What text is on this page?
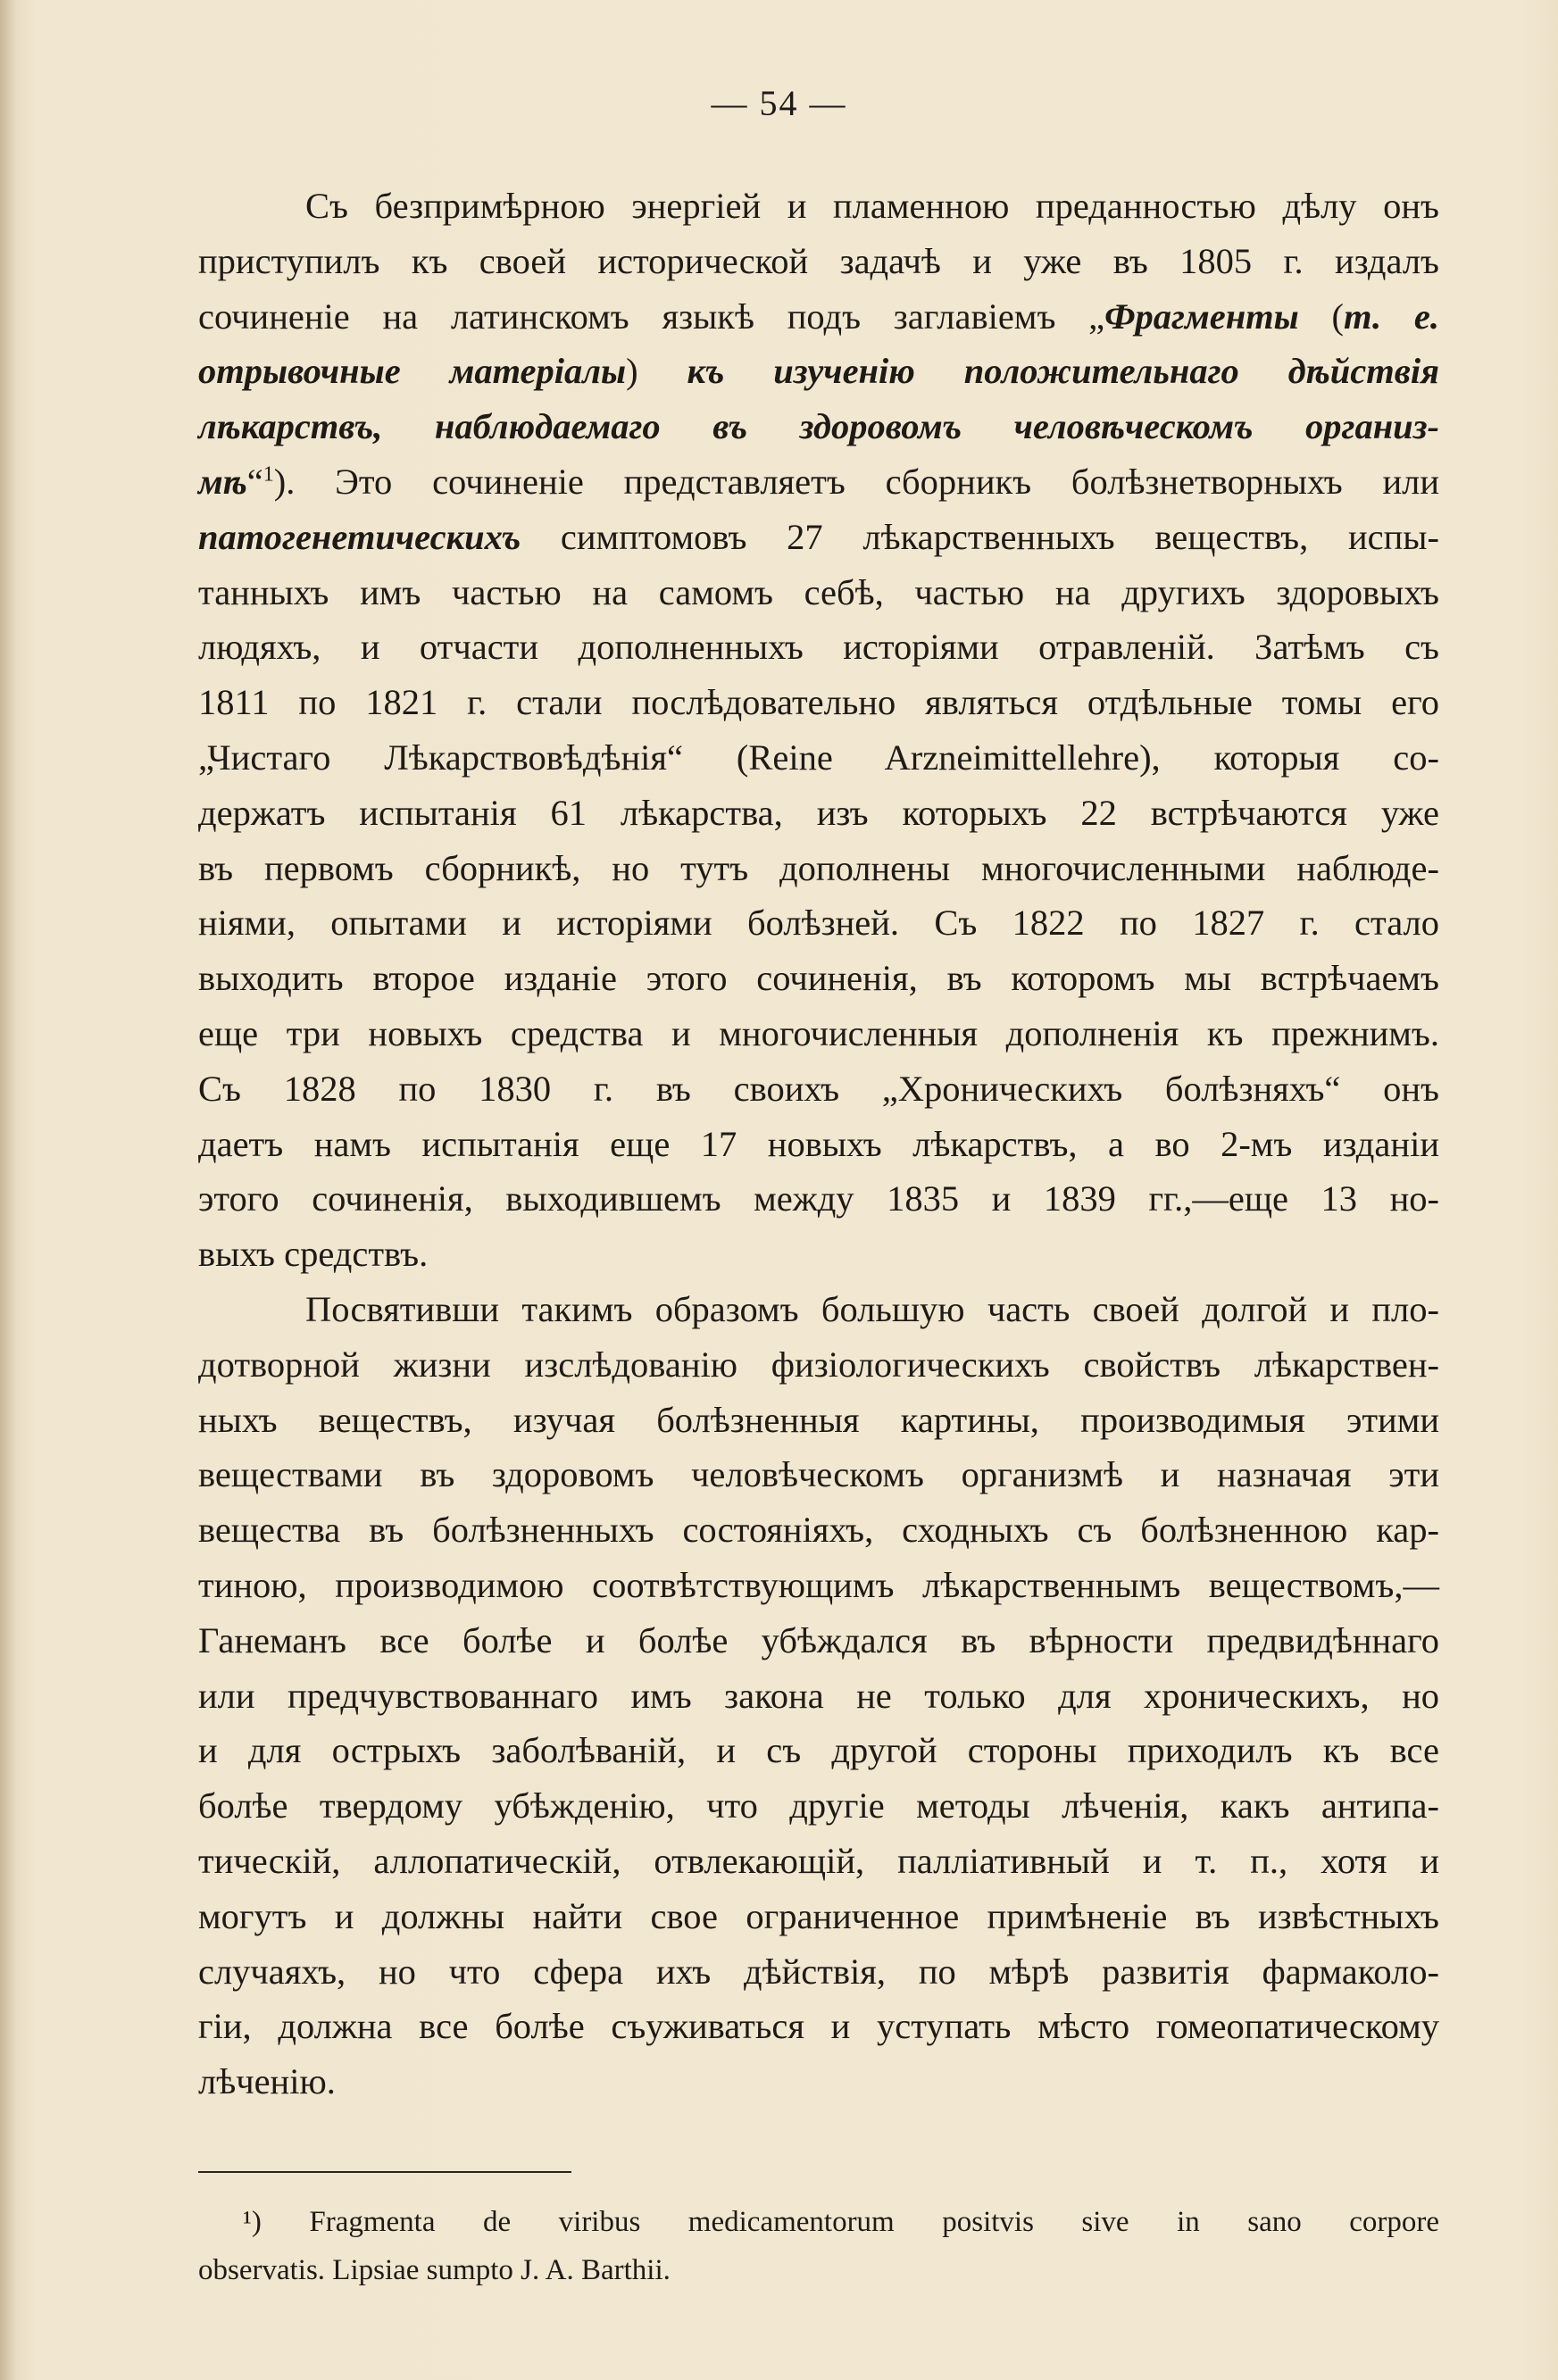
— 54 —
Съ безпримѣрною энергіей и пламенною преданностью дѣлу онъ
приступилъ къ своей исторической задачѣ и уже въ 1805 г. издалъ
сочиненіе на латинскомъ языкѣ подъ заглавіемъ „Фрагменты (т. е.
отрывочные матеріалы) къ изученію положительнаго дѣйствія
лѣкарствъ, наблюдаемаго въ здоровомъ человѣческомъ организ-
мѣ“$^1$). Это сочиненіе представляетъ сборникъ болѣзнетворныхъ или
патогенетическихъ симптомовъ 27 лѣкарственныхъ веществъ, испы-
танныхъ имъ частью на самомъ себѣ, частью на другихъ здоровыхъ
людяхъ, и отчасти дополненныхъ исторіями отравленій. Затѣмъ съ
1811 по 1821 г. стали послѣдовательно являться отдѣльные томы его
„Чистаго Лѣкарствовѣдѣнія“ (Reine Arzneimittellehre), которыя со-
держатъ испытанія 61 лѣкарства, изъ которыхъ 22 встрѣчаются уже
въ первомъ сборникѣ, но тутъ дополнены многочисленными наблюде-
ніями, опытами и исторіями болѣзней. Съ 1822 по 1827 г. стало
выходить второе изданіе этого сочиненія, въ которомъ мы встрѣчаемъ
еще три новыхъ средства и многочисленныя дополненія къ прежнимъ.
Съ 1828 по 1830 г. въ своихъ „Хроническихъ болѣзняхъ“ онъ
даетъ намъ испытанія еще 17 новыхъ лѣкарствъ, а во 2-мъ изданіи
этого сочиненія, выходившемъ между 1835 и 1839 гг.,—еще 13 но-
выхъ средствъ.
Посвятивши такимъ образомъ большую часть своей долгой и пло-
дотворной жизни изслѣдованію физіологическихъ свойствъ лѣкарствен-
ныхъ веществъ, изучая болѣзненныя картины, производимыя этими
веществами въ здоровомъ человѣческомъ организмѣ и назначая эти
вещества въ болѣзненныхъ состояніяхъ, сходныхъ съ болѣзненною кар-
тиною, производимою соотвѣтствующимъ лѣкарственнымъ веществомъ,—
Ганеманъ все болѣе и болѣе убѣждался въ вѣрности предвидѣннаго
или предчувствованнаго имъ закона не только для хроническихъ, но
и для острыхъ заболѣваній, и съ другой стороны приходилъ къ все
болѣе твердому убѣжденію, что другіе методы лѣченія, какъ антипа-
тическій, аллопатическій, отвлекающій, палліативный и т. п., хотя и
могутъ и должны найти свое ограниченное примѣненіе въ извѣстныхъ
случаяхъ, но что сфера ихъ дѣйствія, по мѣрѣ развитія фармаколо-
гіи, должна все болѣе съуживаться и уступать мѣсто гомеопатическому
лѣченію.
¹) Fragmenta de viribus medicamentorum positvis sive in sano corpore
observatis. Lipsiae sumpto J. A. Barthii.
